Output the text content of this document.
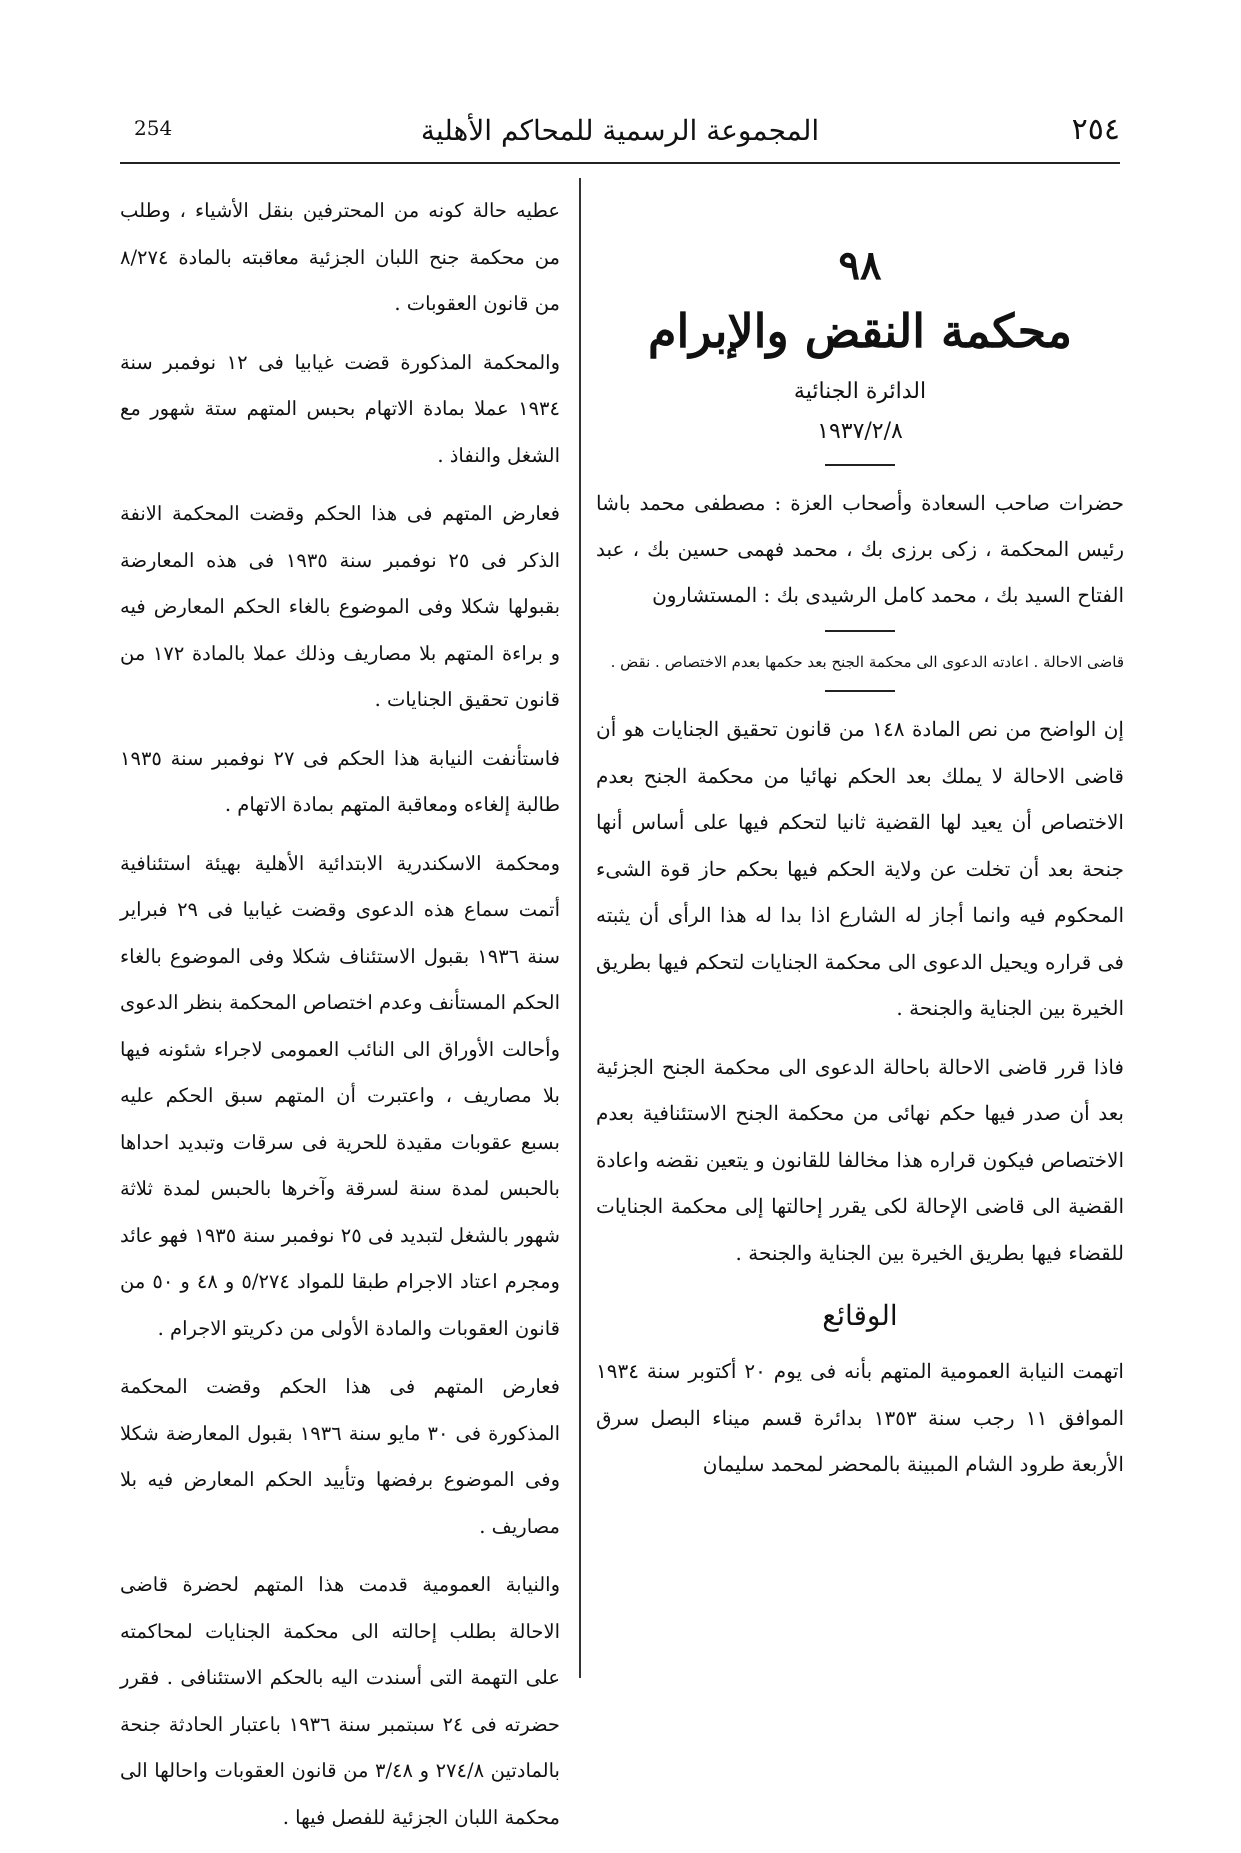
254	المجموعة الرسمية للمحاكم الأهلية	٢٥٤

٩٨

محكمة النقض والإبرام

الدائرة الجنائية

١٩٣٧/٢/٨

حضرات صاحب السعادة وأصحاب العزة : مصطفى محمد باشا رئيس المحكمة ، زكى برزى بك ، محمد فهمى حسين بك ، عبد الفتاح السيد بك ، محمد كامل الرشيدى بك : المستشارون

قاضى الاحالة . اعادته الدعوى الى محكمة الجنح بعد حكمها بعدم الاختصاص . نقض .

إن الواضح من نص المادة ١٤٨ من قانون تحقيق الجنايات هو أن قاضى الاحالة لا يملك بعد الحكم نهائيا من محكمة الجنح بعدم الاختصاص أن يعيد لها القضية ثانيا لتحكم فيها على أساس أنها جنحة بعد أن تخلت عن ولاية الحكم فيها بحكم حاز قوة الشىء المحكوم فيه وانما أجاز له الشارع اذا بدا له هذا الرأى أن يثبته فى قراره ويحيل الدعوى الى محكمة الجنايات لتحكم فيها بطريق الخيرة بين الجناية والجنحة .

فاذا قرر قاضى الاحالة باحالة الدعوى الى محكمة الجنح الجزئية بعد أن صدر فيها حكم نهائى من محكمة الجنح الاستئنافية بعدم الاختصاص فيكون قراره هذا مخالفا للقانون و يتعين نقضه واعادة القضية الى قاضى الإحالة لكى يقرر إحالتها إلى محكمة الجنايات للقضاء فيها بطريق الخيرة بين الجناية والجنحة .

الوقائع

اتهمت النيابة العمومية المتهم بأنه فى يوم ٢٠ أكتوبر سنة ١٩٣٤ الموافق ١١ رجب سنة ١٣٥٣ بدائرة قسم ميناء البصل سرق الأربعة طرود الشام المبينة بالمحضر لمحمد سليمان

عطيه حالة كونه من المحترفين بنقل الأشياء ، وطلب من محكمة جنح اللبان الجزئية معاقبته بالمادة ٨/٢٧٤ من قانون العقوبات .

والمحكمة المذكورة قضت غيابيا فى ١٢ نوفمبر سنة ١٩٣٤ عملا بمادة الاتهام بحبس المتهم ستة شهور مع الشغل والنفاذ .

فعارض المتهم فى هذا الحكم وقضت المحكمة الانفة الذكر فى ٢٥ نوفمبر سنة ١٩٣٥ فى هذه المعارضة بقبولها شكلا وفى الموضوع بالغاء الحكم المعارض فيه و براءة المتهم بلا مصاريف وذلك عملا بالمادة ١٧٢ من قانون تحقيق الجنايات .

فاستأنفت النيابة هذا الحكم فى ٢٧ نوفمبر سنة ١٩٣٥ طالبة إلغاءه ومعاقبة المتهم بمادة الاتهام .

ومحكمة الاسكندرية الابتدائية الأهلية بهيئة استئنافية أتمت سماع هذه الدعوى وقضت غيابيا فى ٢٩ فبراير سنة ١٩٣٦ بقبول الاستئناف شكلا وفى الموضوع بالغاء الحكم المستأنف وعدم اختصاص المحكمة بنظر الدعوى وأحالت الأوراق الى النائب العمومى لاجراء شئونه فيها بلا مصاريف ، واعتبرت أن المتهم سبق الحكم عليه بسبع عقوبات مقيدة للحرية فى سرقات وتبديد احداها بالحبس لمدة سنة لسرقة وآخرها بالحبس لمدة ثلاثة شهور بالشغل لتبديد فى ٢٥ نوفمبر سنة ١٩٣٥ فهو عائد ومجرم اعتاد الاجرام طبقا للمواد ٥/٢٧٤ و ٤٨ و ٥٠ من قانون العقوبات والمادة الأولى من دكريتو الاجرام .

فعارض المتهم فى هذا الحكم وقضت المحكمة المذكورة فى ٣٠ مايو سنة ١٩٣٦ بقبول المعارضة شكلا وفى الموضوع برفضها وتأييد الحكم المعارض فيه بلا مصاريف .

والنيابة العمومية قدمت هذا المتهم لحضرة قاضى الاحالة بطلب إحالته الى محكمة الجنايات لمحاكمته على التهمة التى أسندت اليه بالحكم الاستئنافى . فقرر حضرته فى ٢٤ سبتمبر سنة ١٩٣٦ باعتبار الحادثة جنحة بالمادتين ٢٧٤/٨ و ٣/٤٨ من قانون العقوبات واحالها الى محكمة اللبان الجزئية للفصل فيها .
